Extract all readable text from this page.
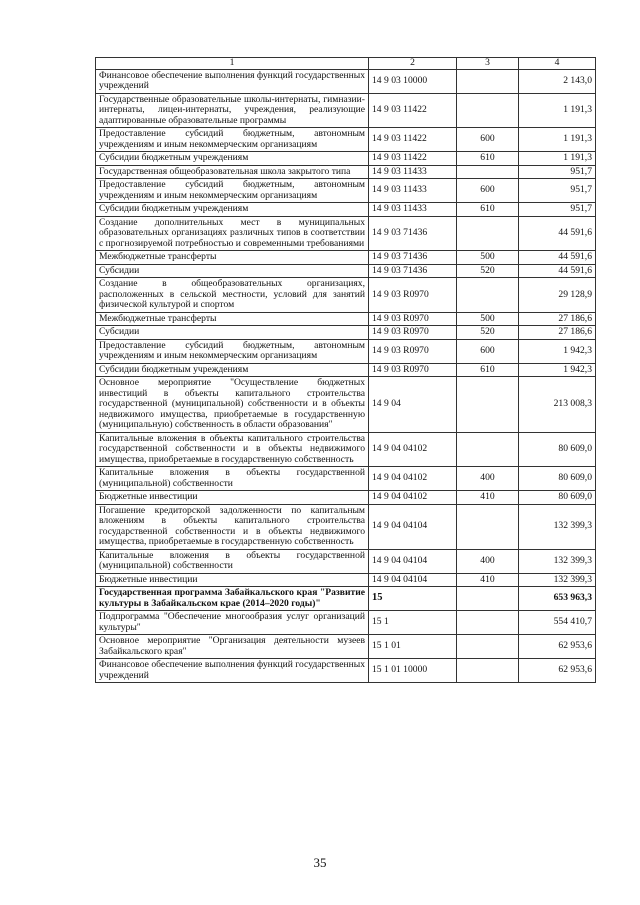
1	2	3	4
Финансовое обеспечение выполнения функций государственных учреждений	14 9 03 10000		2 143,0
Государственные образовательные школы-интернаты, гимназии-интернаты, лицеи-интернаты, учреждения, реализующие адаптированные образовательные программы	14 9 03 11422		1 191,3
Предоставление субсидий бюджетным, автономным учреждениям и иным некоммерческим организациям	14 9 03 11422	600	1 191,3
Субсидии бюджетным учреждениям	14 9 03 11422	610	1 191,3
Государственная общеобразовательная школа закрытого типа	14 9 03 11433		951,7
Предоставление субсидий бюджетным, автономным учреждениям и иным некоммерческим организациям	14 9 03 11433	600	951,7
Субсидии бюджетным учреждениям	14 9 03 11433	610	951,7
Создание дополнительных мест в муниципальных образовательных организациях различных типов в соответствии с прогнозируемой потребностью и современными требованиями	14 9 03 71436		44 591,6
Межбюджетные трансферты	14 9 03 71436	500	44 591,6
Субсидии	14 9 03 71436	520	44 591,6
Создание в общеобразовательных организациях, расположенных в сельской местности, условий для занятий физической культурой и спортом	14 9 03 R0970		29 128,9
Межбюджетные трансферты	14 9 03 R0970	500	27 186,6
Субсидии	14 9 03 R0970	520	27 186,6
Предоставление субсидий бюджетным, автономным учреждениям и иным некоммерческим организациям	14 9 03 R0970	600	1 942,3
Субсидии бюджетным учреждениям	14 9 03 R0970	610	1 942,3
Основное мероприятие "Осуществление бюджетных инвестиций в объекты капитального строительства государственной (муниципальной) собственности и в объекты недвижимого имущества, приобретаемые в государственную (муниципальную) собственность в области образования"	14 9 04		213 008,3
Капитальные вложения в объекты капитального строительства государственной собственности и в объекты недвижимого имущества, приобретаемые в государственную собственность	14 9 04 04102		80 609,0
Капитальные вложения в объекты государственной (муниципальной) собственности	14 9 04 04102	400	80 609,0
Бюджетные инвестиции	14 9 04 04102	410	80 609,0
Погашение кредиторской задолженности по капитальным вложениям в объекты капитального строительства государственной собственности и в объекты недвижимого имущества, приобретаемые в государственную собственность	14 9 04 04104		132 399,3
Капитальные вложения в объекты государственной (муниципальной) собственности	14 9 04 04104	400	132 399,3
Бюджетные инвестиции	14 9 04 04104	410	132 399,3
Государственная программа Забайкальского края "Развитие культуры в Забайкальском крае (2014–2020 годы)"	15		653 963,3
Подпрограмма "Обеспечение многообразия услуг организаций культуры"	15 1		554 410,7
Основное мероприятие "Организация деятельности музеев Забайкальского края"	15 1 01		62 953,6
Финансовое обеспечение выполнения функций государственных учреждений	15 1 01 10000		62 953,6
35
